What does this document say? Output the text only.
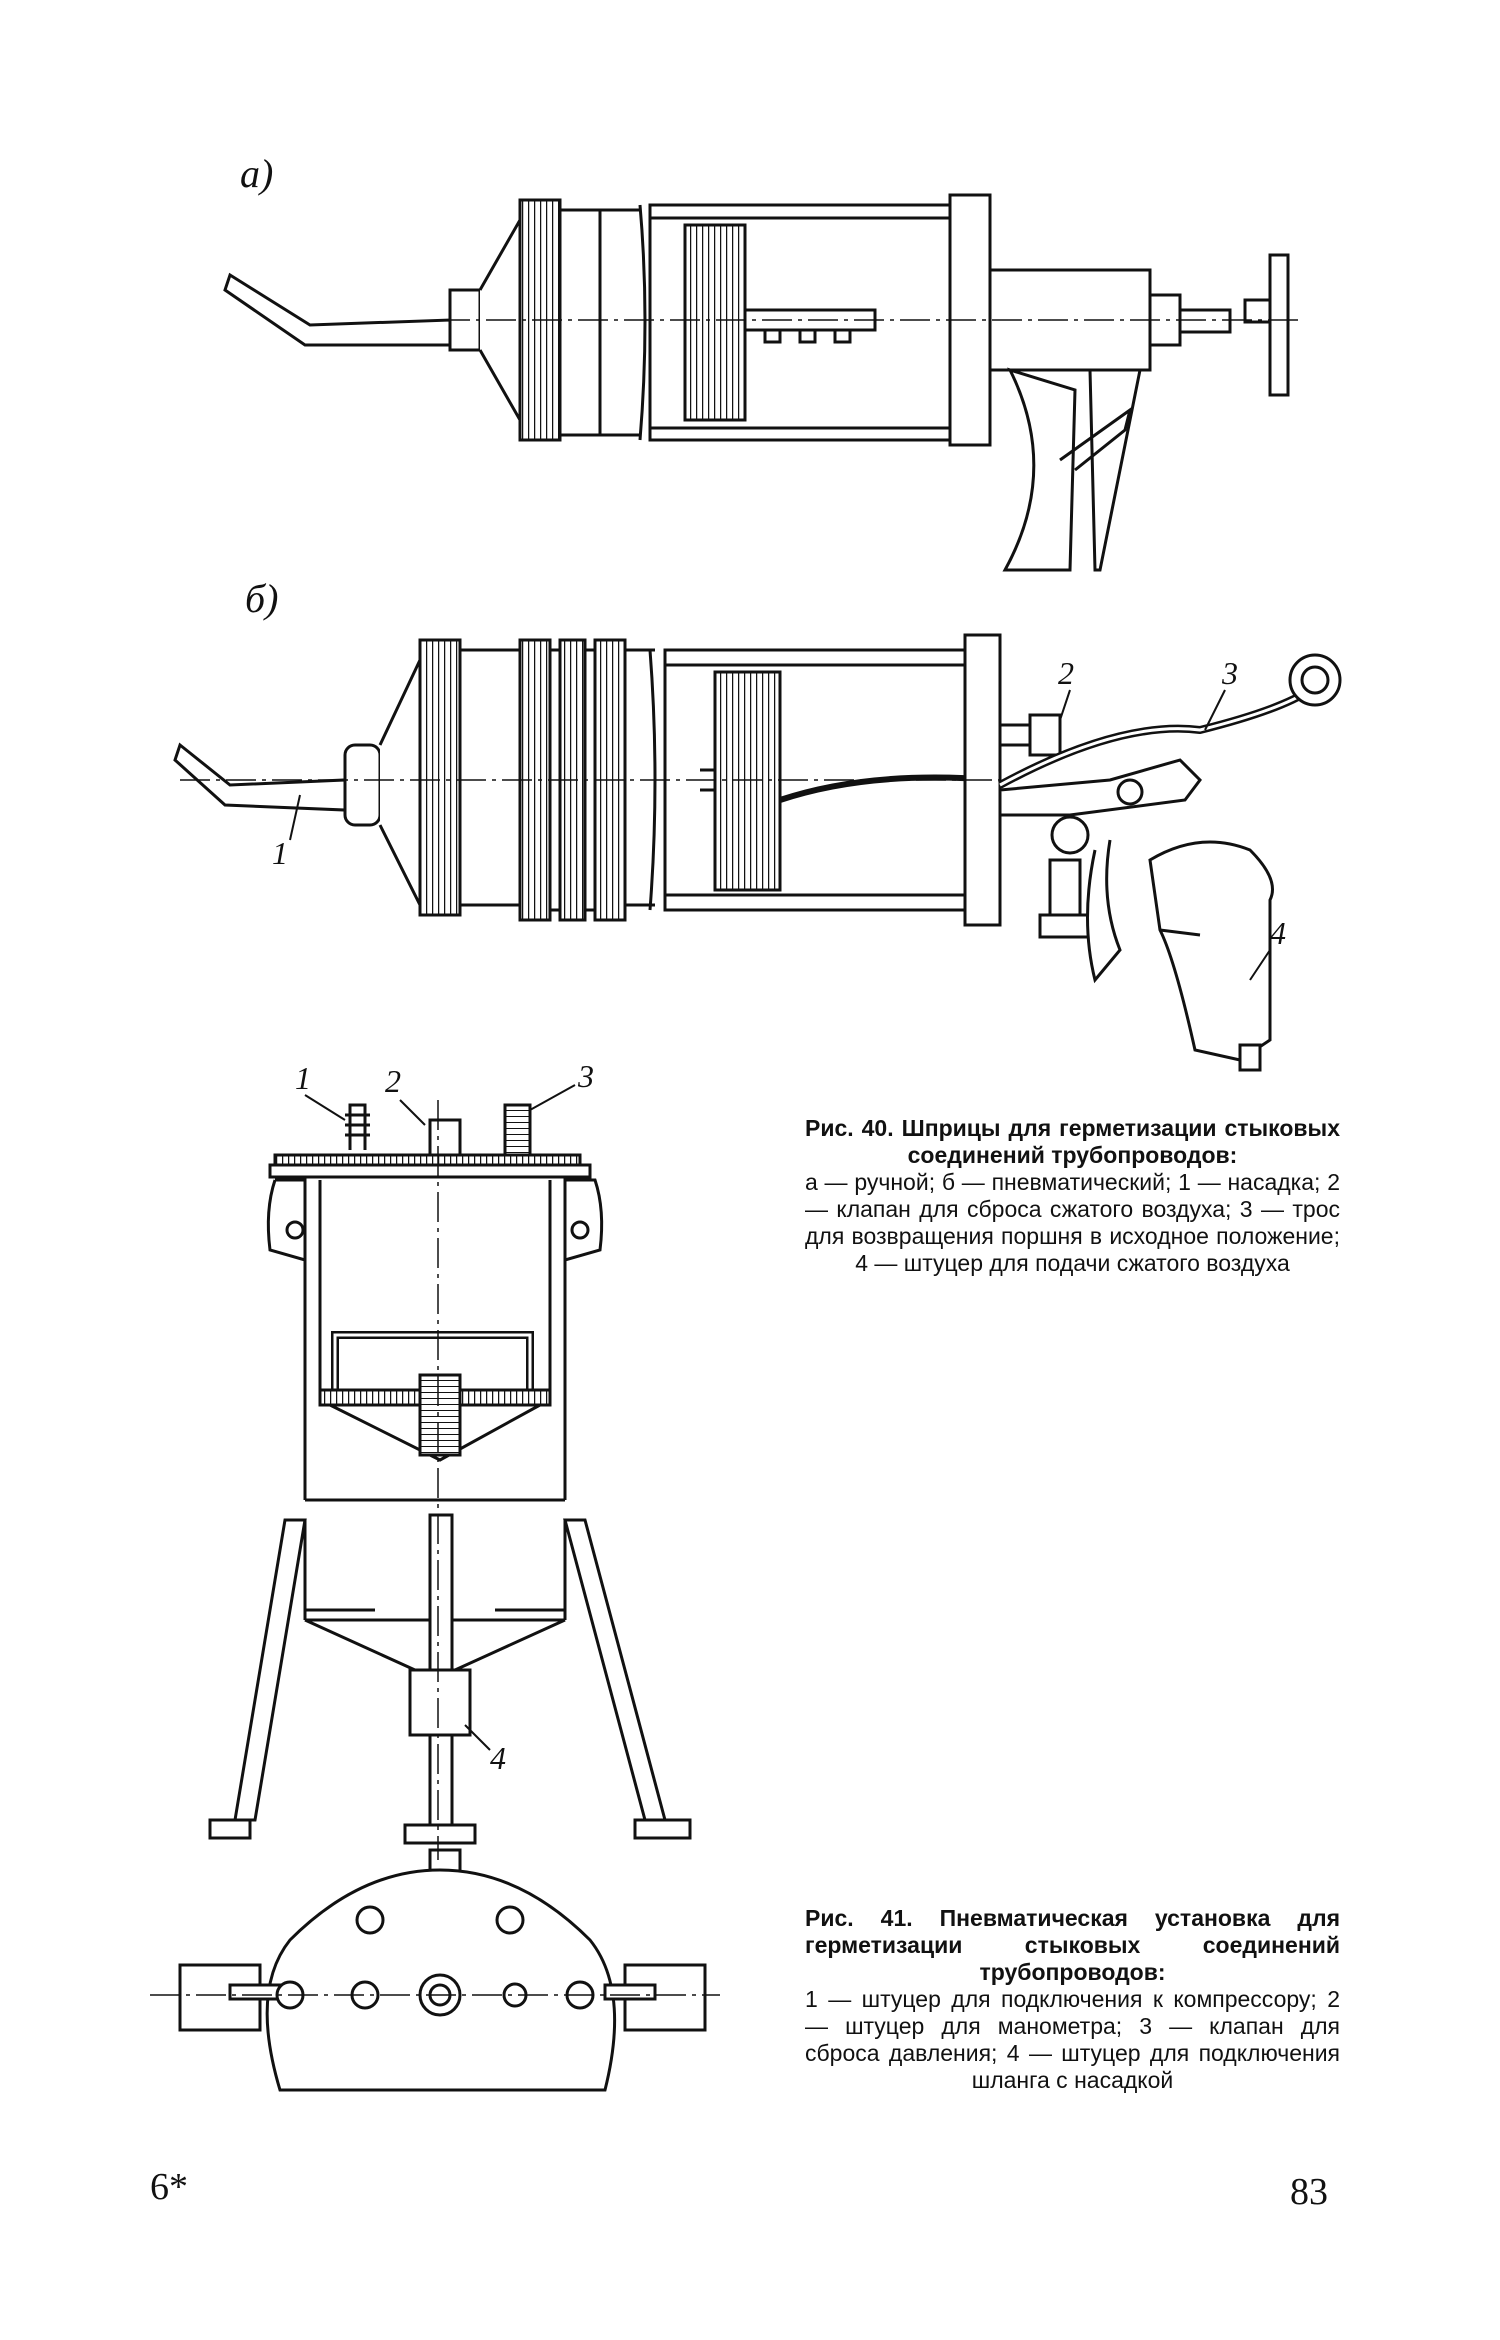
а)
б)
1
2	3
4
1 2	3
4
Рис. 40. Шприцы для герметизации стыковых соединений трубопроводов:
а — ручной; б — пневматический; 1 — насадка; 2 — клапан для сброса сжатого воздуха; 3 — трос для возвращения поршня в исходное положение; 4 — штуцер для подачи сжатого воздуха
Рис. 41. Пневматическая установка для герметизации стыковых соединений трубопроводов:
1 — штуцер для подключения к компрессору; 2 — штуцер для манометра; 3 — клапан для сброса давления; 4 — штуцер для подключения шланга с насадкой
6*	83
